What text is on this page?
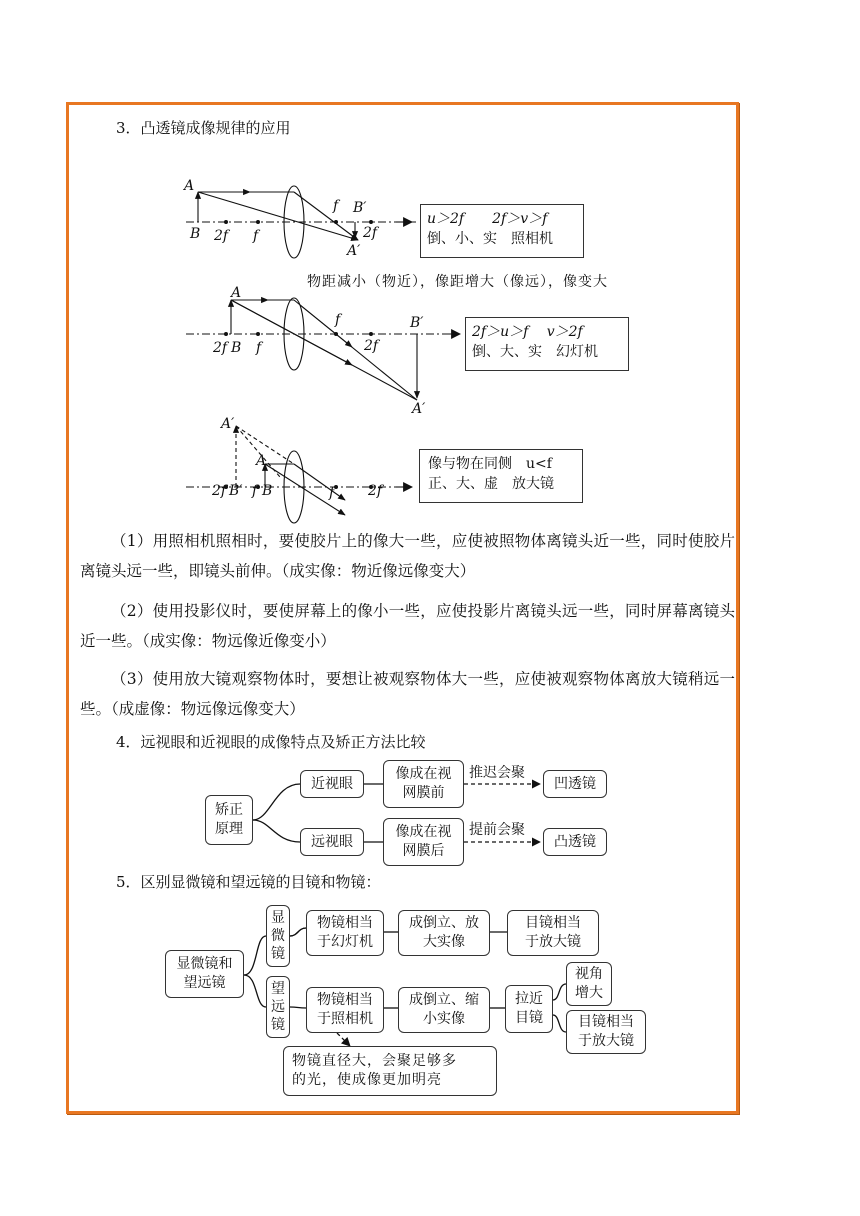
3．凸透镜成像规律的应用
4．远视眼和近视眼的成像特点及矫正方法比较
5．区别显微镜和望远镜的目镜和物镜：
A
B 2f f
f B′
2f
A′
A
2f B f
f
2f
B′
A′
A′
A
2f B′ f B	f 2f
u＞2f　　2f＞v＞f
倒、小、实　照相机
物距减小（物近），像距增大（像远），像变大
2f＞u＞f　 v＞2f
倒、大、实　幻灯机
像与物在同侧　u<f
正、大、虚　放大镜
（1）用照相机照相时，要使胶片上的像大一些，应使被照物体离镜头近一些，同时使胶片离镜头远一些，即镜头前伸。（成实像：物近像远像变大）
（2）使用投影仪时，要使屏幕上的像小一些，应使投影片离镜头远一些，同时屏幕离镜头近一些。（成实像：物远像近像变小）
（3）使用放大镜观察物体时，要想让被观察物体大一些，应使被观察物体离放大镜稍远一些。（成虚像：物远像远像变大）
矫正
原理
近视眼
远视眼
像成在视
网膜前
像成在视
网膜后
推迟会聚
提前会聚
凹透镜
凸透镜
显微镜和
望远镜
显
微
镜
望
远
镜
物镜相当
于幻灯机
成倒立、放
大实像
目镜相当
于放大镜
物镜相当
于照相机
成倒立、缩
小实像
拉近
目镜
视角
增大
目镜相当
于放大镜
物镜直径大，会聚足够多
的光，使成像更加明亮
